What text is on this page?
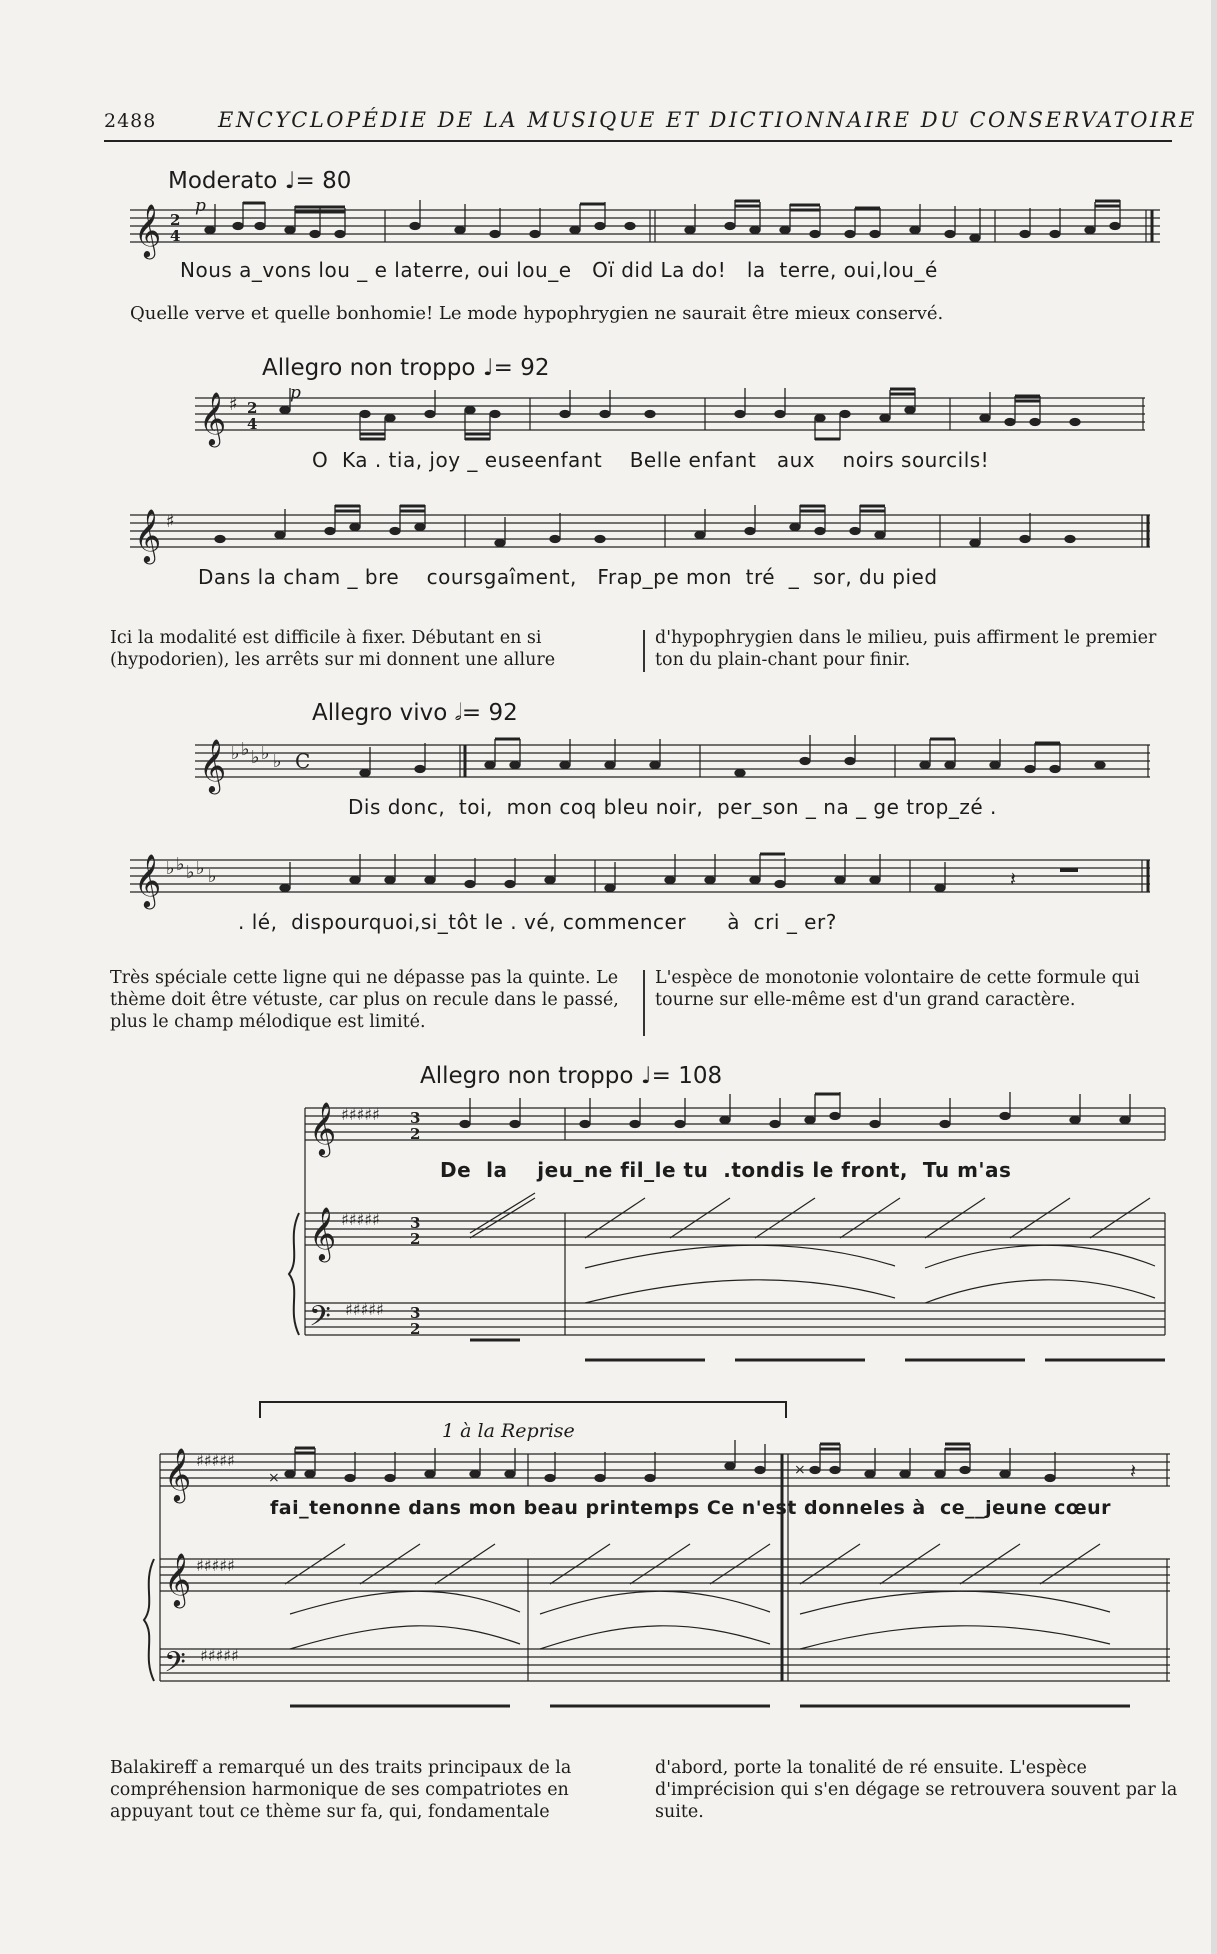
2488	ENCYCLOPÉDIE DE LA MUSIQUE ET DICTIONNAIRE DU CONSERVATOIRE
Moderato ♩= 80
p
𝄞 2
4
Nous a_vons lou _ e laterre, oui lou_e   Oï did La do!   la  terre, oui,lou_é
Quelle verve et quelle bonhomie! Le mode hypophrygien ne saurait être mieux conservé.
Allegro non troppo ♩= 92
p
𝄞 ♯ 2
4
O  Ka . tia, joy _ euseenfant    Belle enfant   aux    noirs sourcils!
𝄞 ♯
Dans la cham _ bre    coursgaîment,   Frap_pe mon  tré  _  sor, du pied
Ici la modalité est difficile à fixer. Débutant en si (hypodorien), les arrêts sur mi donnent une allure
d'hypophrygien dans le milieu, puis affirment le premier ton du plain-chant pour finir.
Allegro vivo 𝅗𝅥= 92
𝄞 ♭ ♭ ♭ ♭ ♭ C
Dis donc,  toi,  mon coq bleu noir,  per_son _ na _ ge trop_zé .
𝄞 ♭ ♭ ♭ ♭ ♭	𝄽
. lé,  dispourquoi,si_tôt le . vé, commencer      à  cri _ er?
Très spéciale cette ligne qui ne dépasse pas la quinte. Le thème doit être vétuste, car plus on recule dans le passé, plus le champ mélodique est limité.
L'espèce de monotonie volontaire de cette formule qui tourne sur elle-même est d'un grand caractère.
Allegro non troppo ♩= 108
𝄞
𝄞
𝄢
♯♯♯♯♯
♯♯♯♯♯
♯♯♯♯♯
3
2
3
2
3
2
De  la    jeu_ne fil_le tu  .tondis le front,  Tu m'as
1 à la Reprise
𝄞
𝄞
𝄢
♯♯♯♯♯
♯♯♯♯♯
♯♯♯♯♯
×	×	𝄽
fai_tenonne dans mon beau printemps Ce n'est donneles à  ce__jeune cœur
Balakireff a remarqué un des traits principaux de la compréhension harmonique de ses compatriotes en appuyant tout ce thème sur fa, qui, fondamentale
d'abord, porte la tonalité de ré ensuite. L'espèce d'imprécision qui s'en dégage se retrouvera souvent par la suite.
